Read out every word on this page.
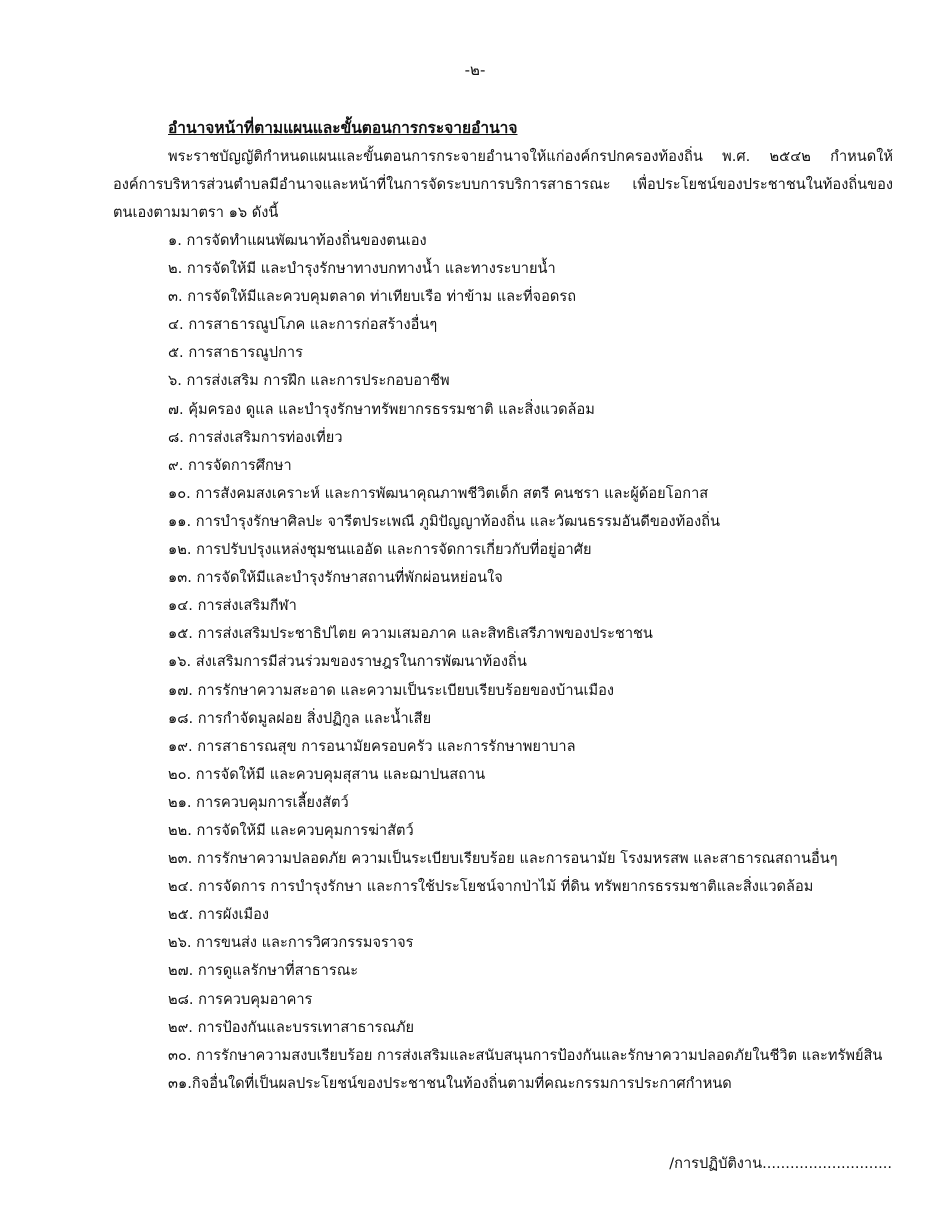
-๒-
อำนาจหน้าที่ตามแผนและขั้นตอนการกระจายอำนาจ

พระราชบัญญัติกำหนดแผนและขั้นตอนการกระจายอำนาจให้แก่องค์กรปกครองท้องถิ่น พ.ศ. ๒๕๔๒ กำหนดให้องค์การบริหารส่วนตำบลมีอำนาจและหน้าที่ในการจัดระบบการบริการสาธารณะ เพื่อประโยชน์ของประชาชนในท้องถิ่นของตนเองตามมาตรา ๑๖ ดังนี้

๑. การจัดทำแผนพัฒนาท้องถิ่นของตนเอง
๒. การจัดให้มี และบำรุงรักษาทางบกทางน้ำ และทางระบายน้ำ
๓. การจัดให้มีและควบคุมตลาด ท่าเทียบเรือ ท่าข้าม และที่จอดรถ
๔. การสาธารณูปโภค และการก่อสร้างอื่นๆ
๕. การสาธารณูปการ
๖. การส่งเสริม การฝึก และการประกอบอาชีพ
๗. คุ้มครอง ดูแล และบำรุงรักษาทรัพยากรธรรมชาติ และสิ่งแวดล้อม
๘. การส่งเสริมการท่องเที่ยว
๙. การจัดการศึกษา
๑๐. การสังคมสงเคราะห์ และการพัฒนาคุณภาพชีวิตเด็ก สตรี คนชรา และผู้ด้อยโอกาส
๑๑. การบำรุงรักษาศิลปะ จารีตประเพณี ภูมิปัญญาท้องถิ่น และวัฒนธรรมอันดีของท้องถิ่น
๑๒. การปรับปรุงแหล่งชุมชนแออัด และการจัดการเกี่ยวกับที่อยู่อาศัย
๑๓. การจัดให้มีและบำรุงรักษาสถานที่พักผ่อนหย่อนใจ
๑๔. การส่งเสริมกีฬา
๑๕. การส่งเสริมประชาธิปไตย ความเสมอภาค และสิทธิเสรีภาพของประชาชน
๑๖. ส่งเสริมการมีส่วนร่วมของราษฎรในการพัฒนาท้องถิ่น
๑๗. การรักษาความสะอาด และความเป็นระเบียบเรียบร้อยของบ้านเมือง
๑๘. การกำจัดมูลฝอย สิ่งปฏิกูล และน้ำเสีย
๑๙. การสาธารณสุข การอนามัยครอบครัว และการรักษาพยาบาล
๒๐. การจัดให้มี และควบคุมสุสาน และฌาปนสถาน
๒๑. การควบคุมการเลี้ยงสัตว์
๒๒. การจัดให้มี และควบคุมการฆ่าสัตว์
๒๓. การรักษาความปลอดภัย ความเป็นระเบียบเรียบร้อย และการอนามัย โรงมหรสพ และสาธารณสถานอื่นๆ
๒๔. การจัดการ การบำรุงรักษา และการใช้ประโยชน์จากป่าไม้ ที่ดิน ทรัพยากรธรรมชาติและสิ่งแวดล้อม
๒๕. การผังเมือง
๒๖. การขนส่ง และการวิศวกรรมจราจร
๒๗. การดูแลรักษาที่สาธารณะ
๒๘. การควบคุมอาคาร
๒๙. การป้องกันและบรรเทาสาธารณภัย
๓๐. การรักษาความสงบเรียบร้อย การส่งเสริมและสนับสนุนการป้องกันและรักษาความปลอดภัยในชีวิต และทรัพย์สิน
๓๑.กิจอื่นใดที่เป็นผลประโยชน์ของประชาชนในท้องถิ่นตามที่คณะกรรมการประกาศกำหนด
/การปฏิบัติงาน............................
